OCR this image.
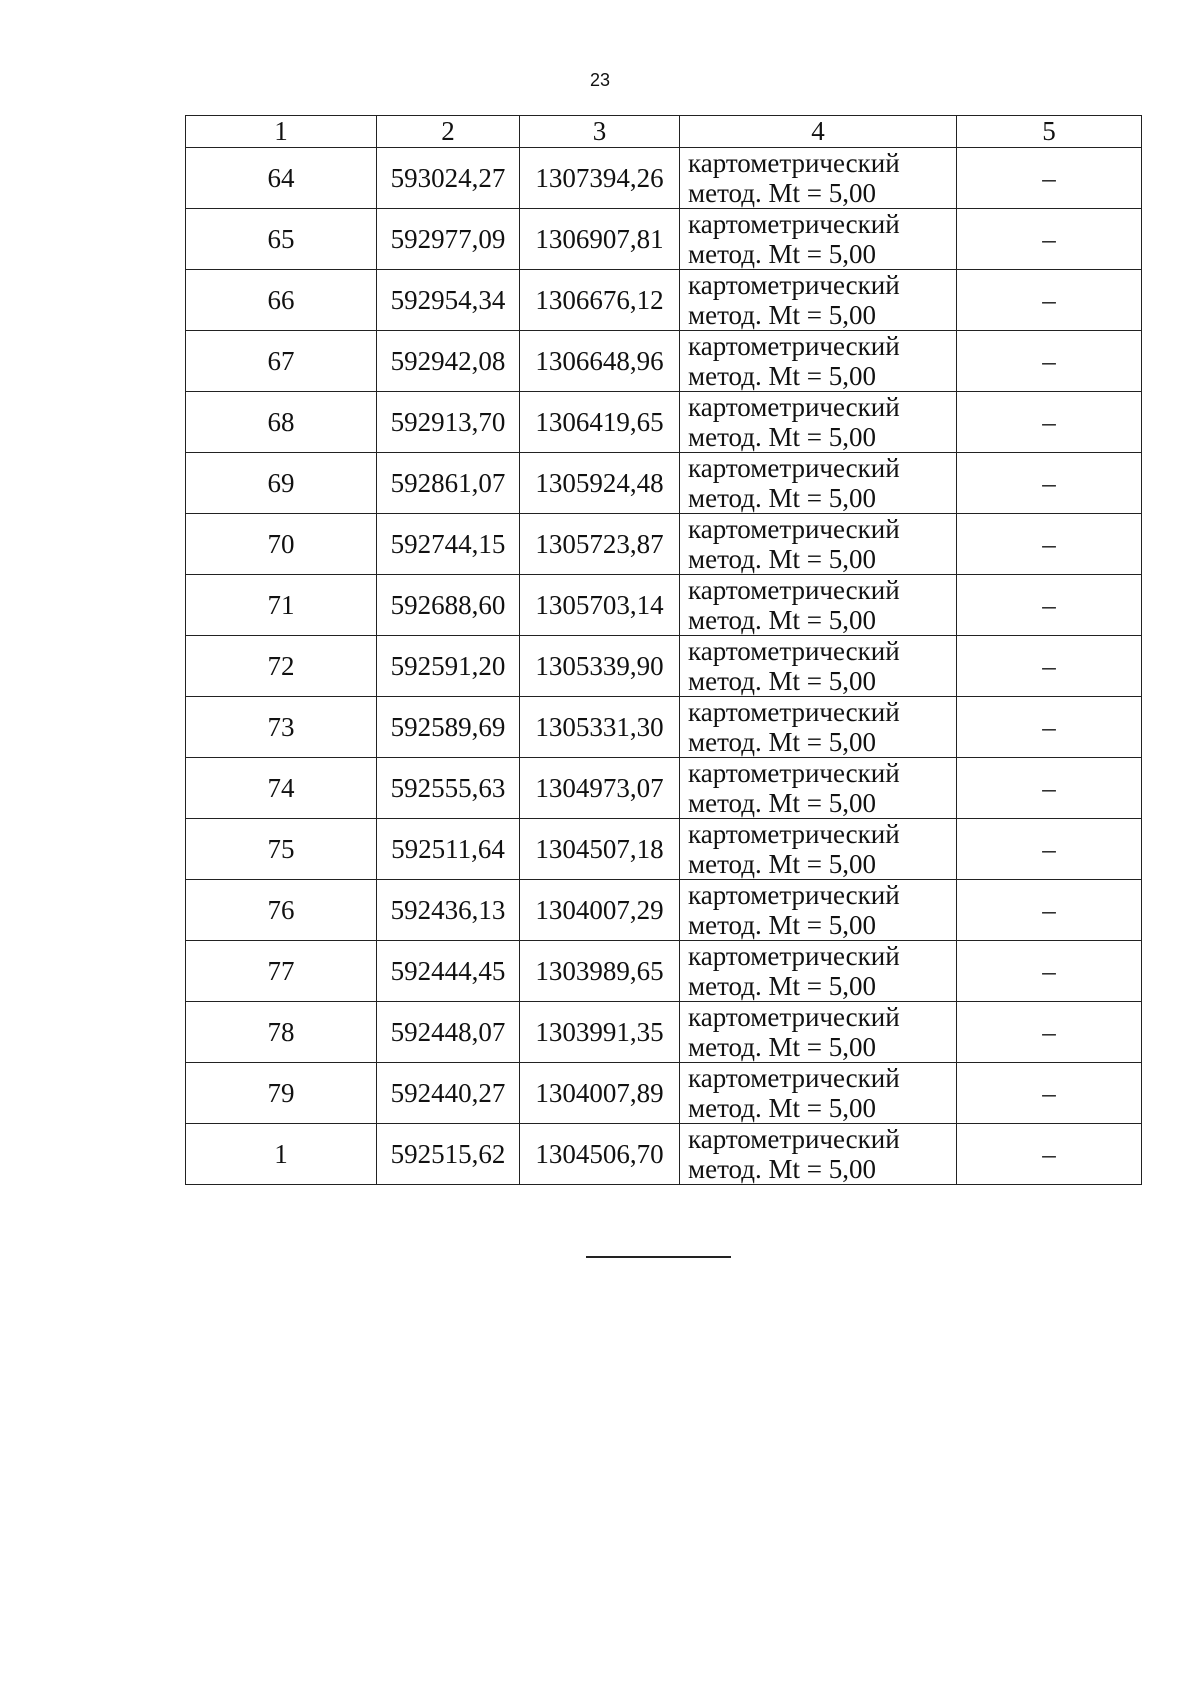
23
1	2	3	4	5
64	593024,27	1307394,26	картометрический
метод. Mt = 5,00	–
65	592977,09	1306907,81	картометрический
метод. Mt = 5,00	–
66	592954,34	1306676,12	картометрический
метод. Mt = 5,00	–
67	592942,08	1306648,96	картометрический
метод. Mt = 5,00	–
68	592913,70	1306419,65	картометрический
метод. Mt = 5,00	–
69	592861,07	1305924,48	картометрический
метод. Mt = 5,00	–
70	592744,15	1305723,87	картометрический
метод. Mt = 5,00	–
71	592688,60	1305703,14	картометрический
метод. Mt = 5,00	–
72	592591,20	1305339,90	картометрический
метод. Mt = 5,00	–
73	592589,69	1305331,30	картометрический
метод. Mt = 5,00	–
74	592555,63	1304973,07	картометрический
метод. Mt = 5,00	–
75	592511,64	1304507,18	картометрический
метод. Mt = 5,00	–
76	592436,13	1304007,29	картометрический
метод. Mt = 5,00	–
77	592444,45	1303989,65	картометрический
метод. Mt = 5,00	–
78	592448,07	1303991,35	картометрический
метод. Mt = 5,00	–
79	592440,27	1304007,89	картометрический
метод. Mt = 5,00	–
1	592515,62	1304506,70	картометрический
метод. Mt = 5,00	–
